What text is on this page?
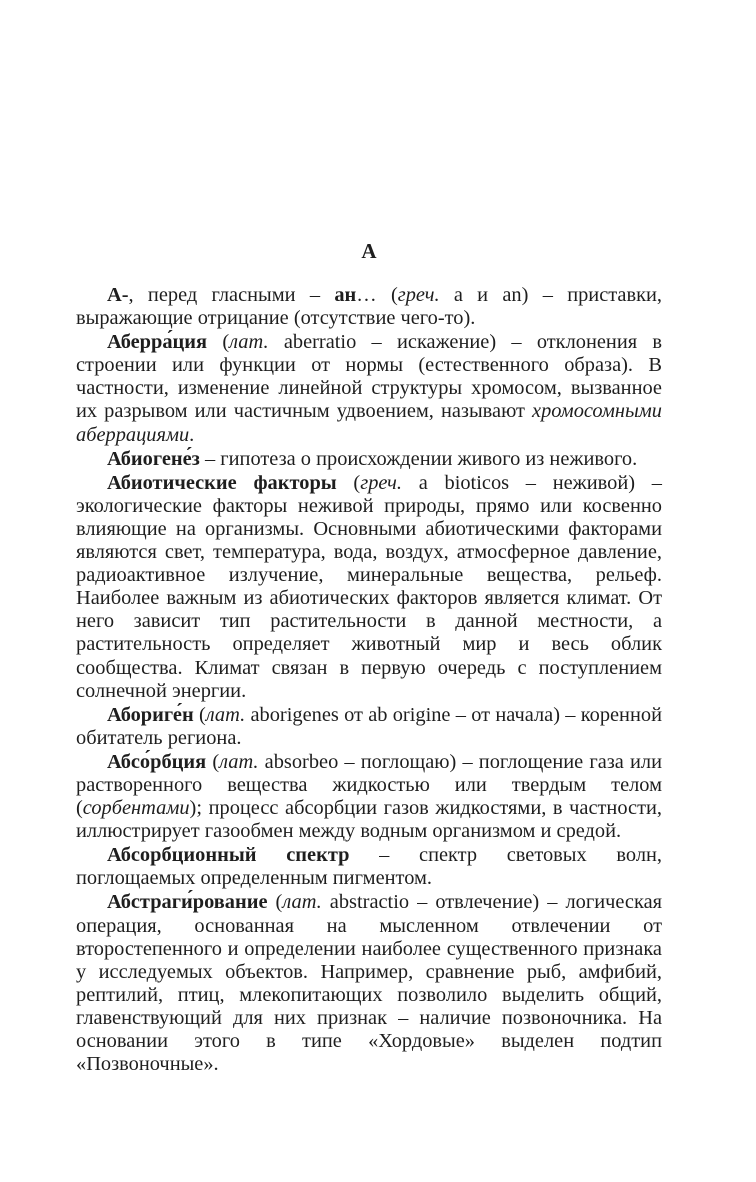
А

А-, перед гласными – ан… (греч. a и an) – приставки, выражающие отрицание (отсутствие чего-то).

Аберра́ция (лат. aberratio – искажение) – отклонения в строении или функции от нормы (естественного образа). В частности, изменение линейной структуры хромосом, вызванное их разрывом или частичным удвоением, называют хромосомными аберрациями.

Абиогене́з – гипотеза о происхождении живого из неживого.

Абиотические факторы (греч. a bioticos – неживой) – экологические факторы неживой природы, прямо или косвенно влияющие на организмы. Основными абиотическими факторами являются свет, температура, вода, воздух, атмосферное давление, радиоактивное излучение, минеральные вещества, рельеф. Наиболее важным из абиотических факторов является климат. От него зависит тип растительности в данной местности, а растительность определяет животный мир и весь облик сообщества. Климат связан в первую очередь с поступлением солнечной энергии.

Абориге́н (лат. aborigenes от ab origine – от начала) – коренной обитатель региона.

Абсо́рбция (лат. absorbeo – поглощаю) – поглощение газа или растворенного вещества жидкостью или твердым телом (сорбентами); процесс абсорбции газов жидкостями, в частности, иллюстрирует газообмен между водным организмом и средой.

Абсорбционный спектр – спектр световых волн, поглощаемых определенным пигментом.

Абстраги́рование (лат. abstractio – отвлечение) – логическая операция, основанная на мысленном отвлечении от второстепенного и определении наиболее существенного признака у исследуемых объектов. Например, сравнение рыб, амфибий, рептилий, птиц, млекопитающих позволило выделить общий, главенствующий для них признак – наличие позвоночника. На основании этого в типе «Хордовые» выделен подтип «Позвоночные».
